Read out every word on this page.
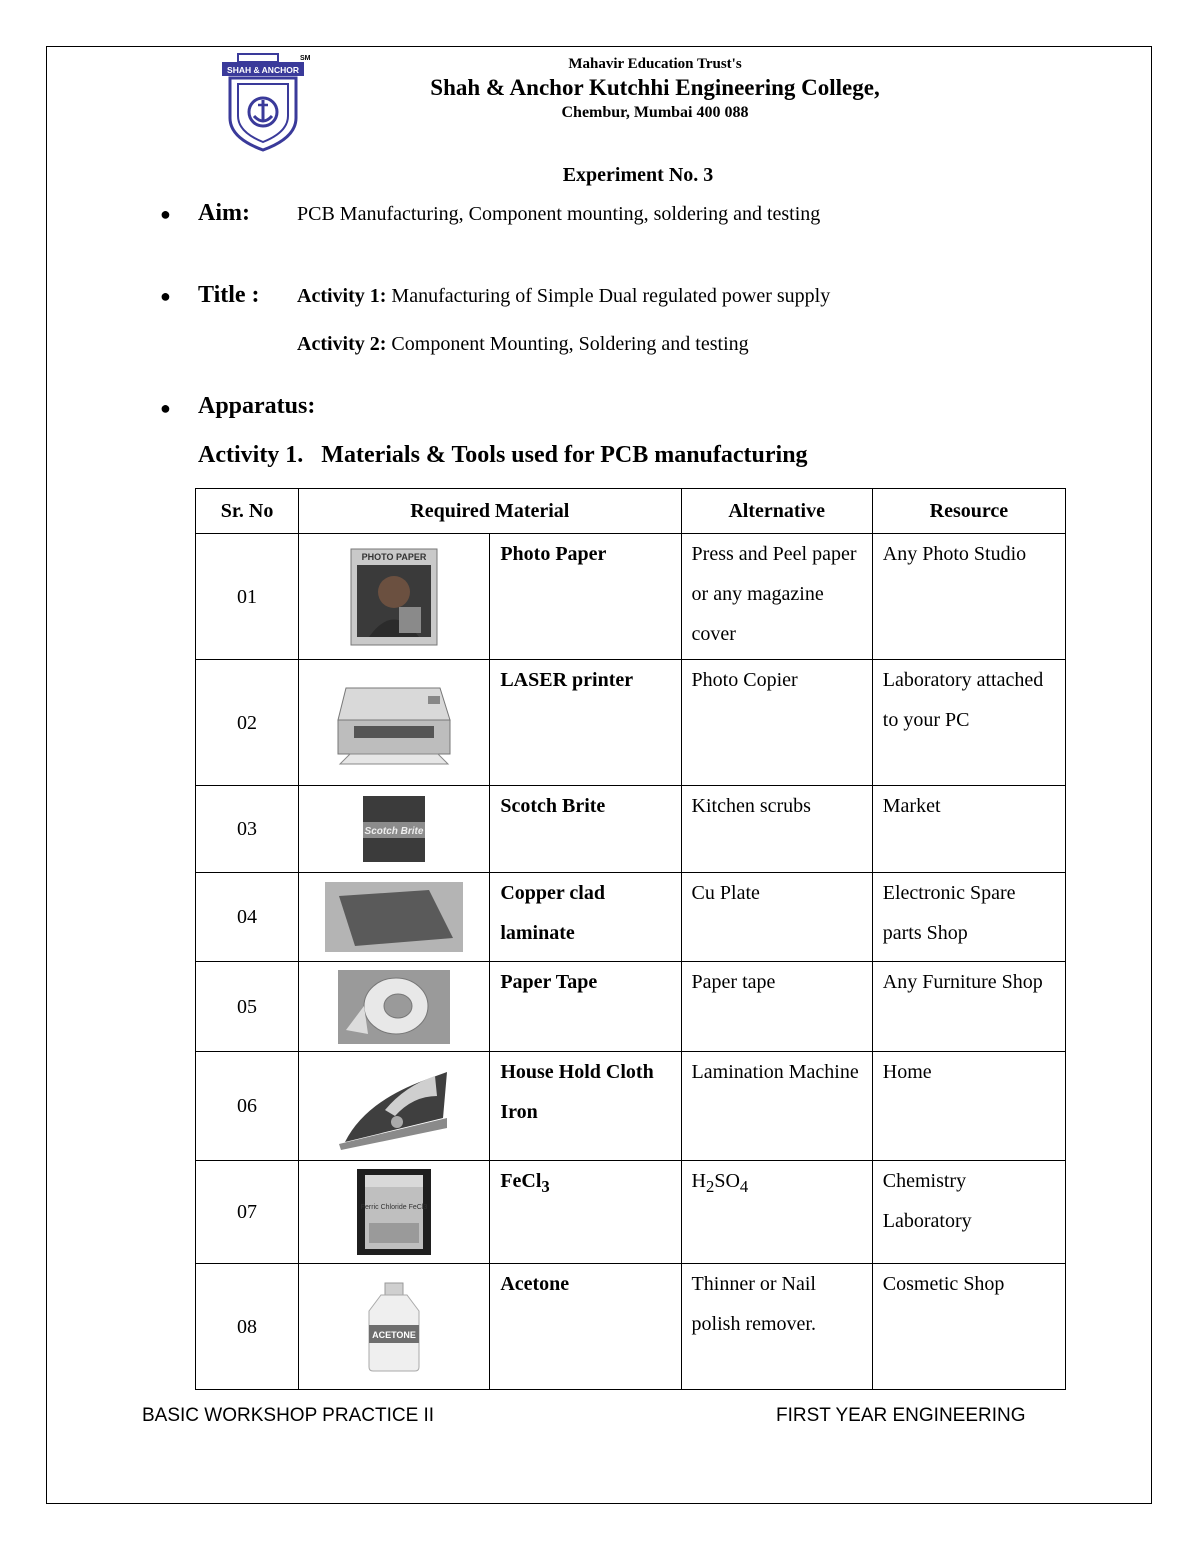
SM
SHAH & ANCHOR	Mahavir Education Trust's
Shah & Anchor Kutchhi Engineering College,
Chembur, Mumbai 400 088
Experiment No. 3
● Aim: PCB Manufacturing, Component mounting, soldering and testing
● Title : Activity 1: Manufacturing of Simple Dual regulated power supply
Activity 2: Component Mounting, Soldering and testing
● Apparatus:
Activity 1.   Materials & Tools used for PCB manufacturing
Sr. No	Required Material		Alternative	Resource
01	PHOTO PAPER	Photo Paper	Press and Peel paper or any magazine cover	Any Photo Studio
02		LASER printer	Photo Copier	Laboratory attached to your PC
03	Scotch Brite	Scotch Brite	Kitchen scrubs	Market
04		Copper clad laminate	Cu Plate	Electronic Spare parts Shop
05		Paper Tape	Paper tape	Any Furniture Shop
06		House Hold Cloth Iron	Lamination Machine	Home
07	Ferric Chloride FeCl3	FeCl$_3$	$H_2SO_4$	Chemistry Laboratory
08	ACETONE	Acetone	Thinner or Nail polish remover.	Cosmetic Shop
BASIC WORKSHOP PRACTICE II	FIRST YEAR ENGINEERING
